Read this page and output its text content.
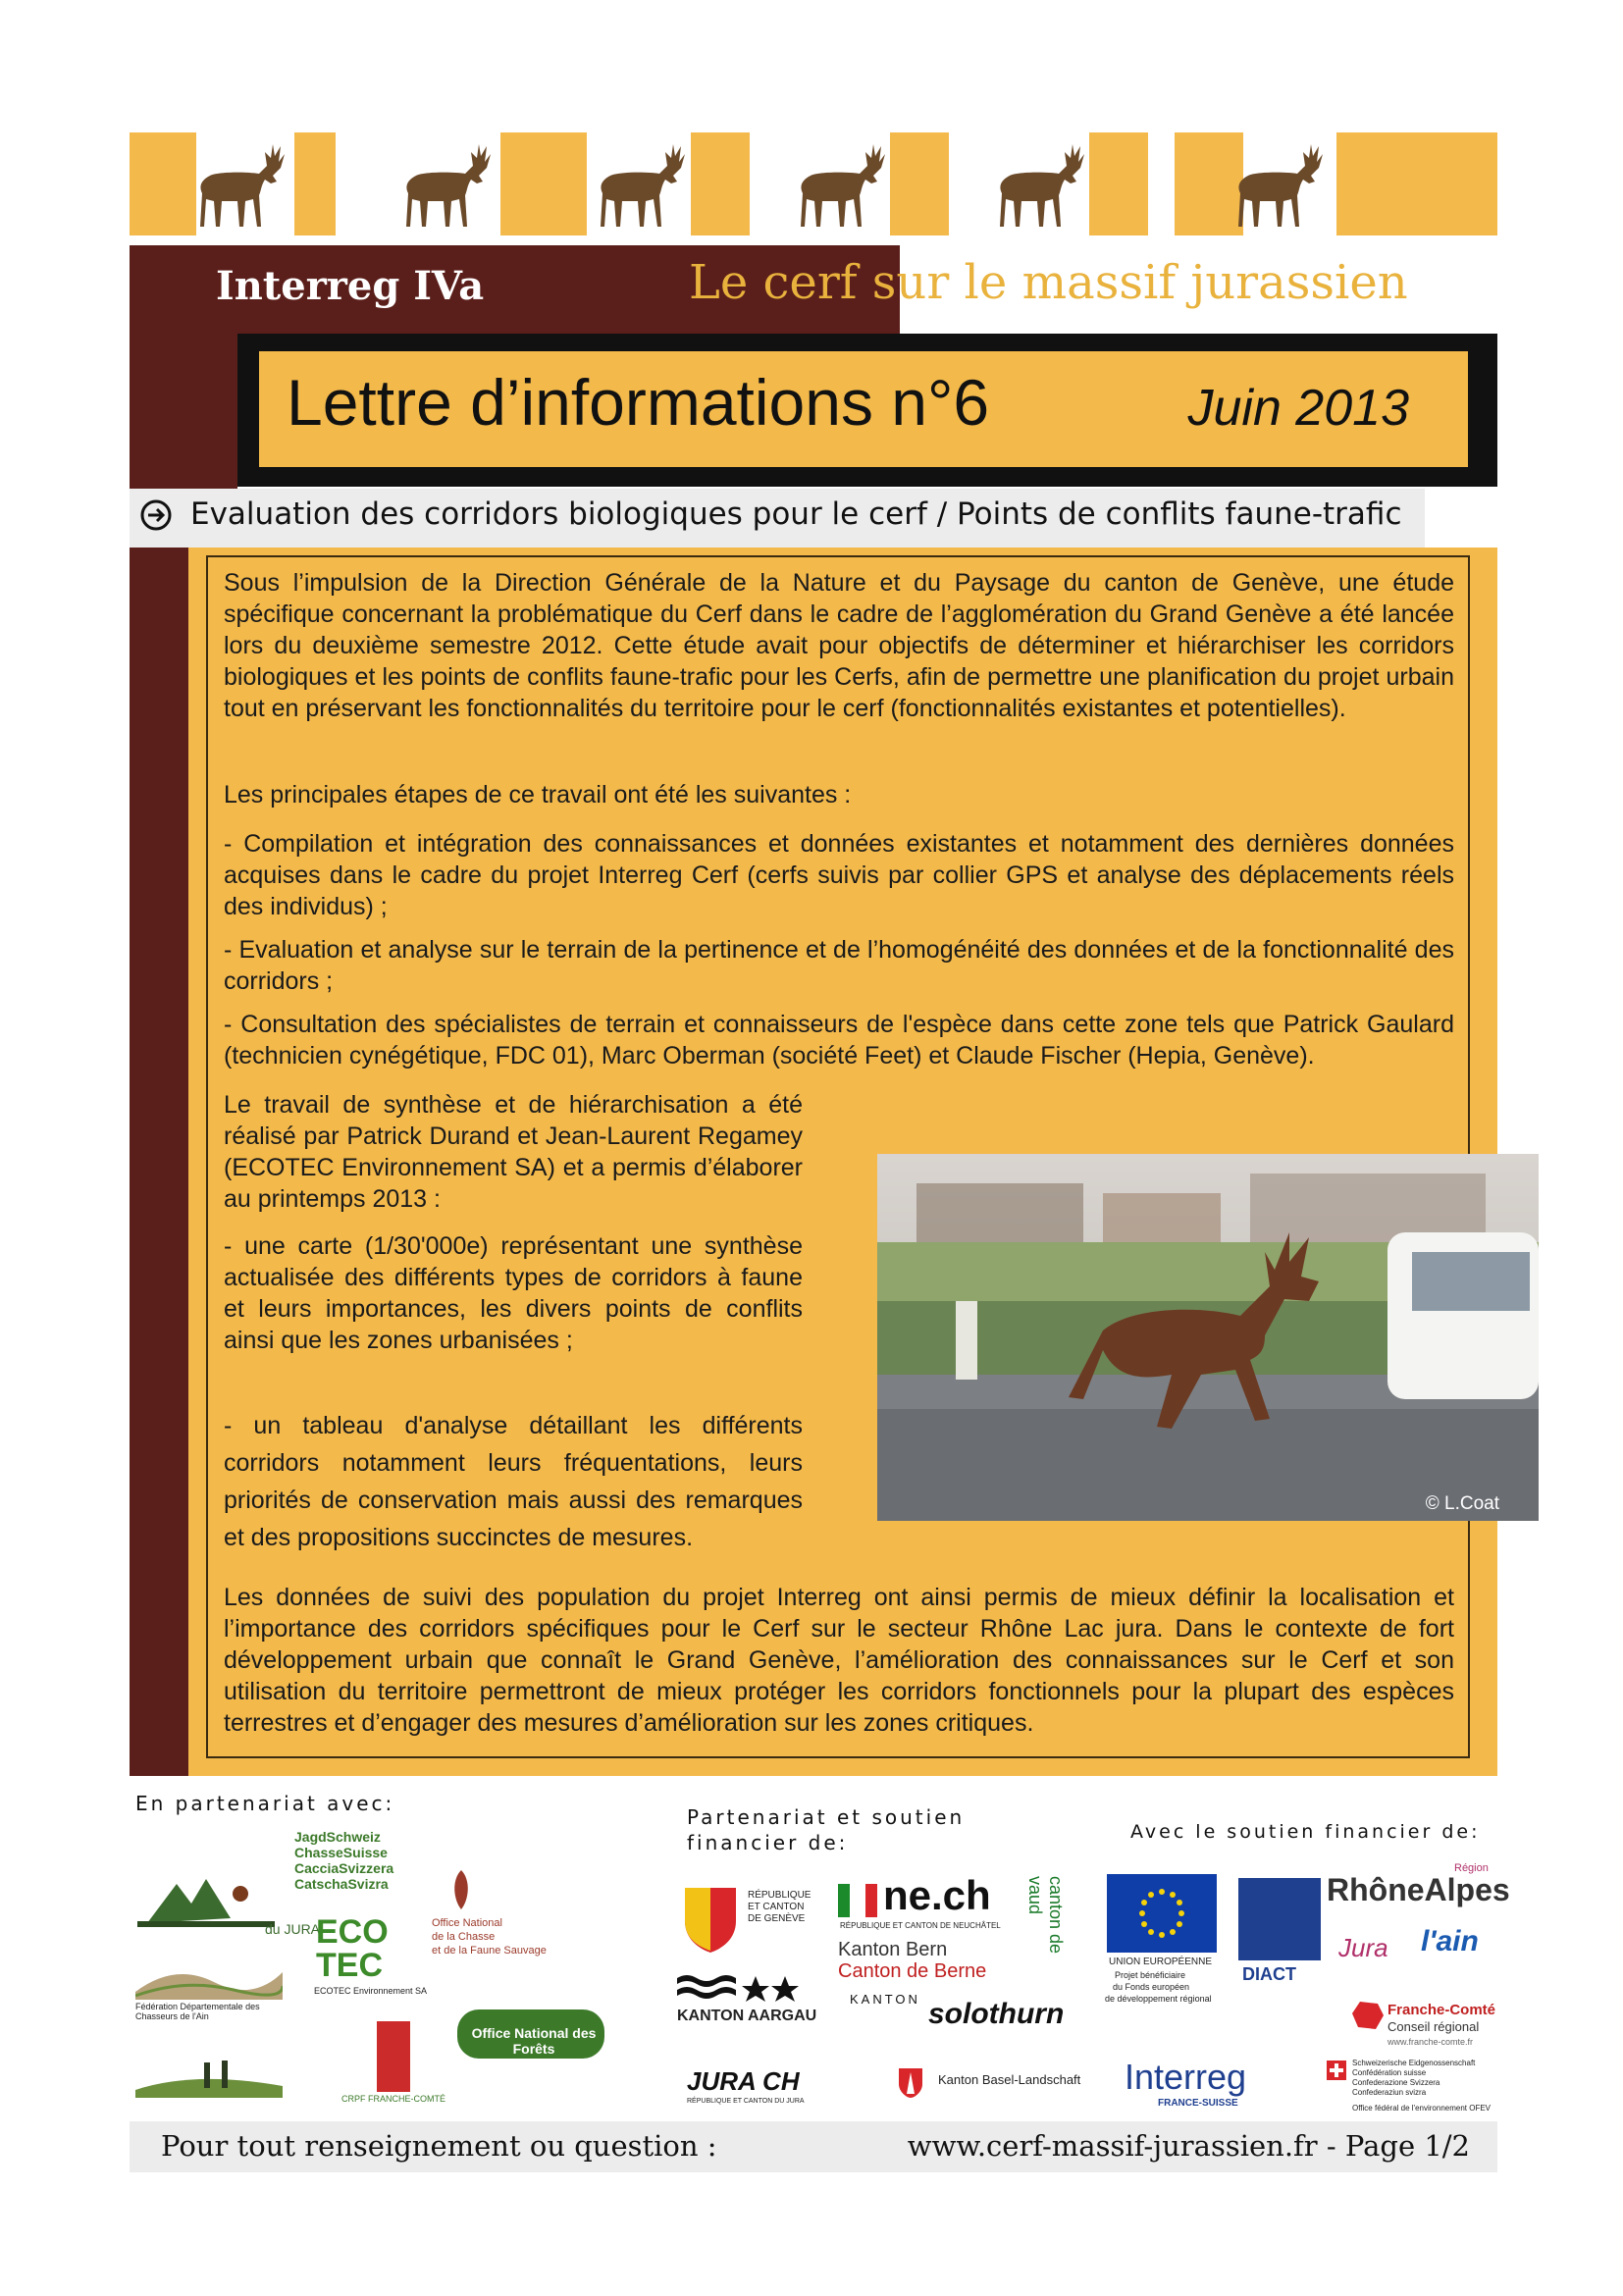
Interreg IVa	Le cerf sur le massif jurassien
Lettre d’informations n°6	Juin 2013
Evaluation des corridors biologiques pour le cerf / Points de conflits faune-trafic
Sous l’impulsion de la Direction Générale de la Nature et du Paysage du canton de Genève, une étude spécifique concernant la problématique du Cerf dans le cadre de l’agglomération du Grand Genève a été lancée lors du deuxième semestre 2012. Cette étude avait pour objectifs de déterminer et hiérarchiser les corridors biologiques et les points de conflits faune-trafic pour les Cerfs, afin de permettre une planification du projet urbain tout en préservant les fonctionnalités du territoire pour le cerf (fonctionnalités existantes et potentielles).
Les principales étapes de ce travail ont été les suivantes :
- Compilation et intégration des connaissances et données existantes et notamment des dernières données acquises dans le cadre du projet Interreg Cerf (cerfs suivis par collier GPS et analyse des déplacements réels des individus) ;
- Evaluation et analyse sur le terrain de la pertinence et de l’homogénéité des données et de la fonctionnalité des corridors ;
- Consultation des spécialistes de terrain et connaisseurs de l'espèce dans cette zone tels que Patrick Gaulard (technicien cynégétique, FDC 01), Marc Oberman (société Feet) et Claude Fischer (Hepia, Genève).
Le travail de synthèse et de hiérarchisation a été réalisé par Patrick Durand et Jean-Laurent Regamey (ECOTEC Environnement SA) et a permis d’élaborer au printemps 2013 :
- une carte (1/30'000e) représentant une synthèse actualisée des différents types de corridors à faune et leurs importances, les divers points de conflits ainsi que les zones urbanisées ;
- un tableau d'analyse détaillant les différents corridors notamment leurs fréquentations, leurs priorités de conservation mais aussi des remarques et des propositions succinctes de mesures.
© L.Coat
Les données de suivi des population du projet Interreg ont ainsi permis de mieux définir la localisation et l’importance des corridors spécifiques pour le Cerf sur le secteur Rhône Lac jura. Dans le contexte de fort développement urbain que connaît le Grand Genève, l’amélioration des connaissances sur le Cerf et son utilisation du territoire permettront de mieux protéger les corridors fonctionnels pour la plupart des espèces terrestres et d’engager des mesures d’amélioration sur les zones critiques.
En partenariat avec:
Partenariat et soutien
financier de:	Avec le soutien financier de:
du JURA
Fédération Départementale des Chasseurs de l'Ain
JagdSchweiz
ChasseSuisse
CacciaSvizzera
CatschaSvizra
ECO TEC
ECOTEC Environnement SA
Office National
de la Chasse
et de la Faune Sauvage
CRPF FRANCHE-COMTÉ
Office National des Forêts
RÉPUBLIQUE
ET CANTON
DE GENÈVE
ne.ch
RÉPUBLIQUE ET CANTON DE NEUCHÂTEL
Kanton Bern
Canton de Berne
canton de vaud
KANTON AARGAU
KANTON solothurn
JURA CH
RÉPUBLIQUE ET CANTON DU JURA
Kanton Basel-Landschaft
UNION EUROPÉENNE
Projet bénéficiaire
du Fonds européen
de développement régional
DIACT
RhôneAlpes
Région
Jura l'ain
Franche-Comté
Conseil régional
www.franche-comte.fr
Interreg
FRANCE-SUISSE
Schweizerische Eidgenossenschaft
Confédération suisse
Confederazione Svizzera
Confederaziun svizra
Office fédéral de l'environnement OFEV
Pour tout renseignement ou question :	www.cerf-massif-jurassien.fr - Page 1/2
